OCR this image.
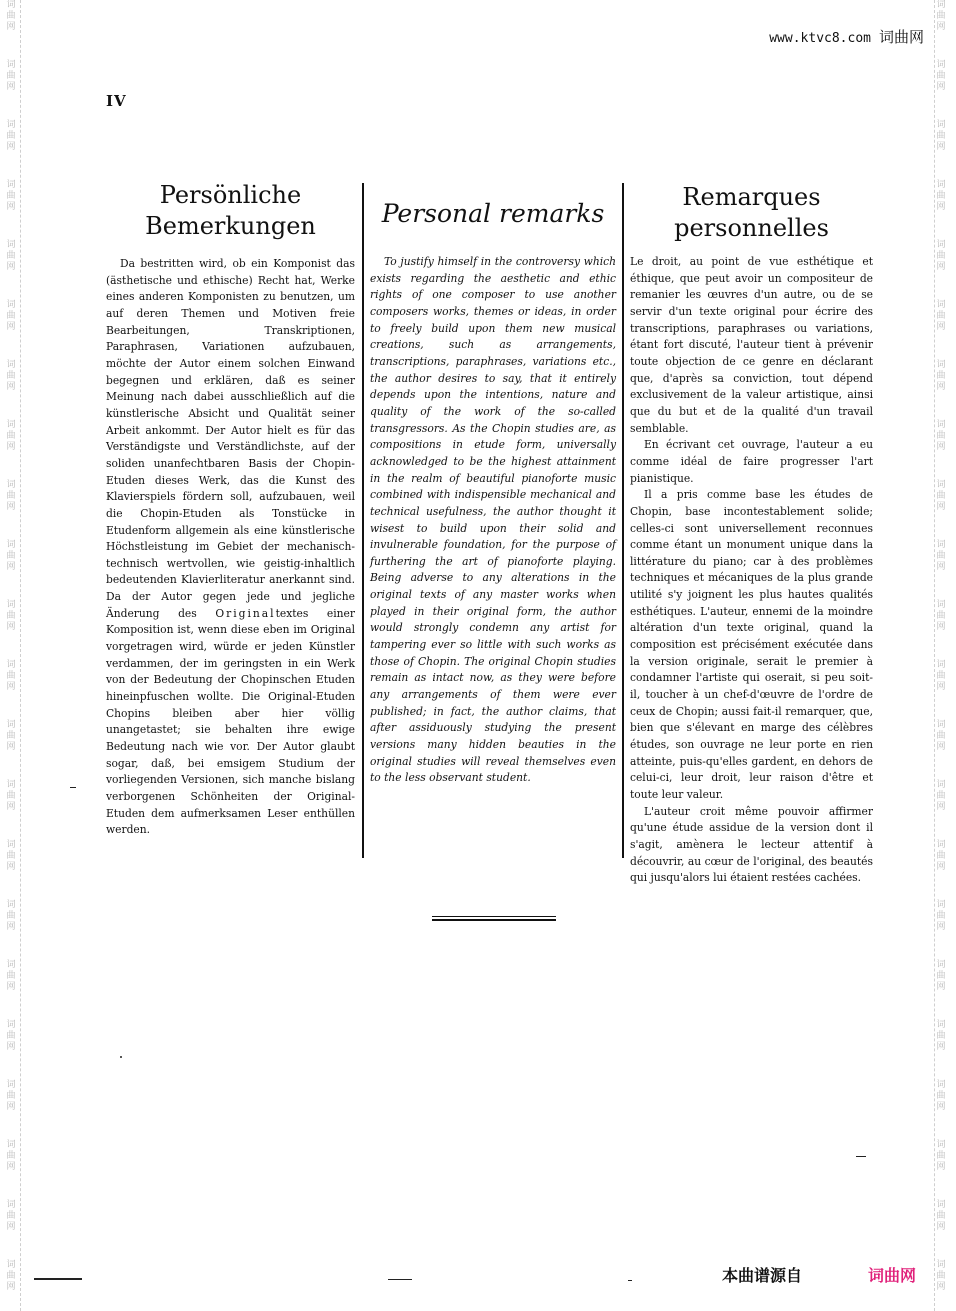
词
曲
网
词
曲
网
词
曲
网
词
曲
网
词
曲
网
词
曲
网
词
曲
网
词
曲
网
词
曲
网
词
曲
网
词
曲
网
词
曲
网
词
曲
网
词
曲
网
词
曲
网
词
曲
网
词
曲
网
词
曲
网
词
曲
网
词
曲
网
词
曲
网
词
曲
网
词
曲
网
词
曲
网
词
曲
网
词
曲
网
词
曲
网
词
曲
网
词
曲
网
词
曲
网
词
曲
网
词
曲
网
词
曲
网
词
曲
网
词
曲
网
词
曲
网
词
曲
网
词
曲
网
词
曲
网
词
曲
网
词
曲
网
词
曲
网
词
曲
网
词
曲
网
www.ktvc8.com 词曲网
IV
Persönliche
Bemerkungen

Da bestritten wird, ob ein Komponist das (ästhetische und ethische) Recht hat, Werke eines anderen Komponisten zu benutzen, um auf deren Themen und Motiven freie Bearbeitungen, Transkriptionen, Paraphrasen, Variationen aufzubauen, möchte der Autor einem solchen Einwand begegnen und erklären, daß es seiner Meinung nach dabei ausschließlich auf die künstlerische Absicht und Qualität seiner Arbeit ankommt. Der Autor hielt es für das Verständigste und Verständlichste, auf der soliden unanfechtbaren Basis der Chopin-Etuden dieses Werk, das die Kunst des Klavierspiels fördern soll, aufzubauen, weil die Chopin-Etuden als Tonstücke in Etudenform allgemein als eine künstlerische Höchstleistung im Gebiet der mechanisch-technisch wertvollen, wie geistig-inhaltlich bedeutenden Klavierliteratur anerkannt sind. Da der Autor gegen jede und jegliche Änderung des Originaltextes einer Komposition ist, wenn diese eben im Original vorgetragen wird, würde er jeden Künstler verdammen, der im geringsten in ein Werk von der Bedeutung der Chopinschen Etuden hineinpfuschen wollte. Die Original-Etuden Chopins bleiben aber hier völlig unangetastet; sie behalten ihre ewige Bedeutung nach wie vor. Der Autor glaubt sogar, daß, bei emsigem Studium der vorliegenden Versionen, sich manche bislang verborgenen Schönheiten der Original-Etuden dem aufmerksamen Leser enthüllen werden.

Personal remarks

To justify himself in the controversy which exists regarding the aesthetic and ethic rights of one composer to use another composers works, themes or ideas, in order to freely build upon them new musical creations, such as arrangements, transcriptions, paraphrases, variations etc., the author desires to say, that it entirely depends upon the intentions, nature and quality of the work of the so-called transgressors. As the Chopin studies are, as compositions in etude form, universally acknowledged to be the highest attainment in the realm of beautiful pianoforte music combined with indispensible mechanical and technical usefulness, the author thought it wisest to build upon their solid and invulnerable foundation, for the purpose of furthering the art of pianoforte playing. Being adverse to any alterations in the original texts of any master works when played in their original form, the author would strongly condemn any artist for tampering ever so little with such works as those of Chopin. The original Chopin studies remain as intact now, as they were before any arrangements of them were ever published; in fact, the author claims, that after assiduously studying the present versions many hidden beauties in the original studies will reveal themselves even to the less observant student.

Remarques
personnelles

Le droit, au point de vue esthétique et éthique, que peut avoir un compositeur de remanier les œuvres d'un autre, ou de se servir d'un texte original pour écrire des transcriptions, paraphrases ou variations, étant fort discuté, l'auteur tient à prévenir toute objection de ce genre en déclarant que, d'après sa conviction, tout dépend exclusivement de la valeur artistique, ainsi que du but et de la qualité d'un travail semblable.

En écrivant cet ouvrage, l'auteur a eu comme idéal de faire progresser l'art pianistique.

Il a pris comme base les études de Chopin, base incontestablement solide; celles-ci sont universellement reconnues comme étant un monument unique dans la littérature du piano; car à des problèmes techniques et mécaniques de la plus grande utilité s'y joignent les plus hautes qualités esthétiques. L'auteur, ennemi de la moindre altération d'un texte original, quand la composition est précisément exécutée dans la version originale, serait le premier à condamner l'artiste qui oserait, si peu soit-il, toucher à un chef-d'œuvre de l'ordre de ceux de Chopin; aussi fait-il remarquer, que, bien que s'élevant en marge des célèbres études, son ouvrage ne leur porte en rien atteinte, puis-qu'elles gardent, en dehors de celui-ci, leur droit, leur raison d'être et toute leur valeur.

L'auteur croit même pouvoir affirmer qu'une étude assidue de la version dont il s'agit, amènera le lecteur attentif à découvrir, au cœur de l'original, des beautés qui jusqu'alors lui étaient restées cachées.

本曲谱源自	词曲网
